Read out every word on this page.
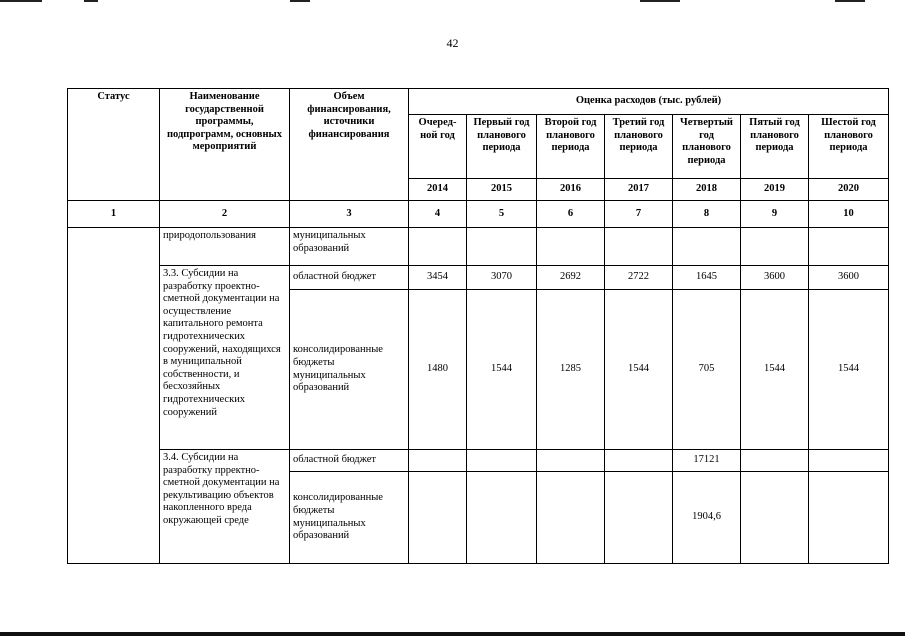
42
Статус	Наименование государственной программы, подпрограмм, основных мероприятий	Объем финансирования, источники финансирования	Оценка расходов (тыс. рублей)						
			Очеред-ной год	Первый год планового периода	Второй год планового периода	Третий год планового периода	Четвертый год планового периода	Пятый год планового периода	Шестой год планового периода
			2014	2015	2016	2017	2018	2019	2020
1	2	3	4	5	6	7	8	9	10
	природопользования	муниципальных образований							
	3.3. Субсидии на разработку проектно-сметной документации на осуществление капитального ремонта гидротехнических сооружений, находящихся в муниципальной собственности, и бесхозяйных гидротехнических сооружений	областной бюджет	3454	3070	2692	2722	1645	3600	3600
		консолидированные бюджеты муниципальных образований	1480	1544	1285	1544	705	1544	1544
	3.4. Субсидии на разработку прректно-сметной документации на рекультивацию объектов накопленного вреда окружающей среде	областной бюджет					17121		
		консолидированные бюджеты муниципальных образований					1904,6		
